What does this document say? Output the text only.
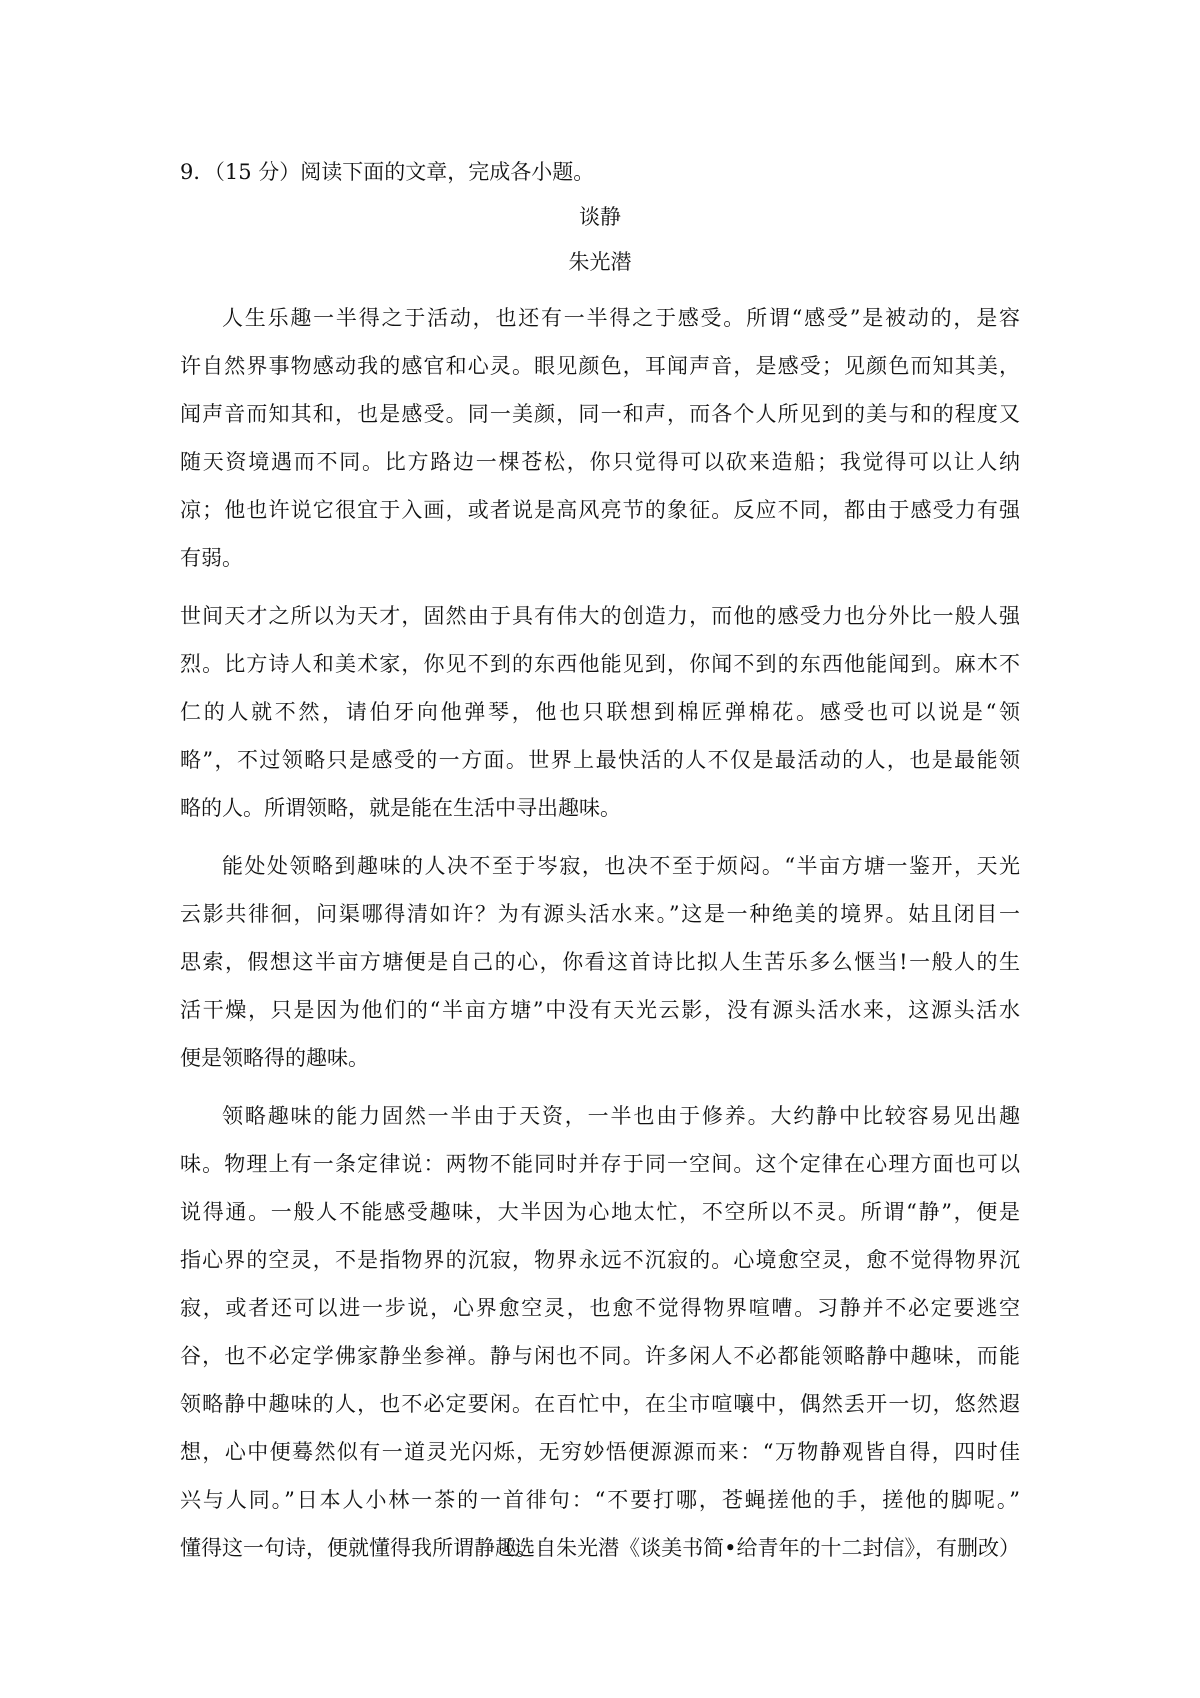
9．（15 分）阅读下面的文章，完成各小题。
谈静
朱光潜
人生乐趣一半得之于活动，也还有一半得之于感受。所谓“感受”是被动的，是容
许自然界事物感动我的感官和心灵。眼见颜色，耳闻声音，是感受；见颜色而知其美，
闻声音而知其和，也是感受。同一美颜，同一和声，而各个人所见到的美与和的程度又
随天资境遇而不同。比方路边一棵苍松，你只觉得可以砍来造船；我觉得可以让人纳
凉；他也许说它很宜于入画，或者说是高风亮节的象征。反应不同，都由于感受力有强
有弱。
世间天才之所以为天才，固然由于具有伟大的创造力，而他的感受力也分外比一般人强
烈。比方诗人和美术家，你见不到的东西他能见到，你闻不到的东西他能闻到。麻木不
仁的人就不然，请伯牙向他弹琴，他也只联想到棉匠弹棉花。感受也可以说是“领
略”，不过领略只是感受的一方面。世界上最快活的人不仅是最活动的人，也是最能领
略的人。所谓领略，就是能在生活中寻出趣味。
能处处领略到趣味的人决不至于岑寂，也决不至于烦闷。“半亩方塘一鉴开，天光
云影共徘徊，问渠哪得清如许？为有源头活水来。”这是一种绝美的境界。姑且闭目一
思索，假想这半亩方塘便是自己的心，你看这首诗比拟人生苦乐多么惬当!一般人的生
活干燥，只是因为他们的“半亩方塘”中没有天光云影，没有源头活水来，这源头活水
便是领略得的趣味。
领略趣味的能力固然一半由于天资，一半也由于修养。大约静中比较容易见出趣
味。物理上有一条定律说：两物不能同时并存于同一空间。这个定律在心理方面也可以
说得通。一般人不能感受趣味，大半因为心地太忙，不空所以不灵。所谓“静”，便是
指心界的空灵，不是指物界的沉寂，物界永远不沉寂的。心境愈空灵，愈不觉得物界沉
寂，或者还可以进一步说，心界愈空灵，也愈不觉得物界喧嘈。习静并不必定要逃空
谷，也不必定学佛家静坐参禅。静与闲也不同。许多闲人不必都能领略静中趣味，而能
领略静中趣味的人，也不必定要闲。在百忙中，在尘市喧嚷中，偶然丢开一切，悠然遐
想，心中便蓦然似有一道灵光闪烁，无穷妙悟便源源而来：“万物静观皆自得，四时佳
兴与人同。”日本人小林一茶的一首徘句：“不要打哪，苍蝇搓他的手，搓他的脚呢。”
懂得这一句诗，便就懂得我所谓静趣。
（选自朱光潜《谈美书简•给青年的十二封信》，有删改）
